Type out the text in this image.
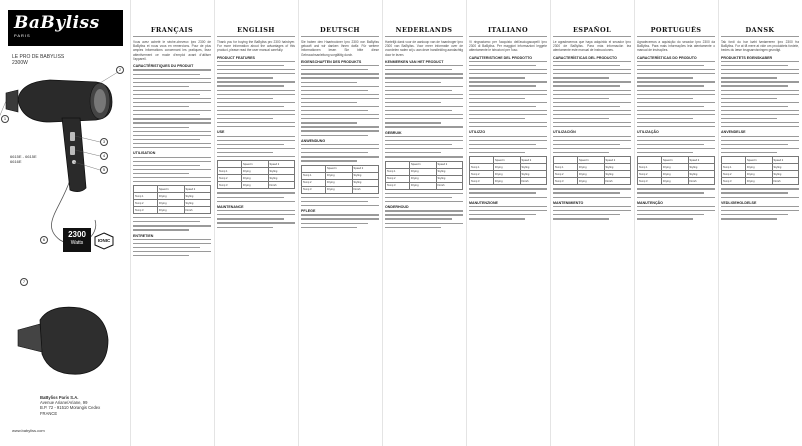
BaByliss
PARIS
LE PRO DE BABYLISS
2300W
1
2
3
4
5
6
7
6615E - 6615E
6616E
2300
Watts	IONIC
BaByliss Paris S.A.
Avenue Ariane/Ariane, 99
B.P. 72 - 91510 Morangis Cedex
FRANCE
www.babyliss.com
FRANÇAIS

Vous avez acheté le sèche-cheveux Ipro 2300 de BaByliss et nous vous en remercions. Pour de plus amples informations concernant les pratiques, lisez attentivement ce mode d'emploi avant d'utiliser l'appareil.

CARACTÉRISTIQUES DU PRODUIT
UTILISATION
	Speed 1	Speed 2
Temp 1	Drying	Styling
Temp 2	Drying	Styling
Temp 3	Drying	Finish
ENTRETIEN
ENGLISH

Thank you for buying the BaByliss pro 2300 hairdryer. For more information about the advantages of this product, please read the user manual carefully.

PRODUCT FEATURES
USE
	Speed 1	Speed 2
Temp 1	Drying	Styling
Temp 2	Drying	Styling
Temp 3	Drying	Finish
MAINTENANCE
DEUTSCH

Sie haben den Haartrockner Ipro 2300 von BaByliss gekauft und wir danken Ihnen dafür. Für weitere Informationen lesen Sie bitte diese Gebrauchsanleitung sorgfältig durch.

EIGENSCHAFTEN DES PRODUKTS
ANWENDUNG
	Speed 1	Speed 2
Temp 1	Drying	Styling
Temp 2	Drying	Styling
Temp 3	Drying	Finish
PFLEGE
NEDERLANDS

Hartelijk dank voor de aankoop van de haardroger Ipro 2300 van BaByliss. Voor meer informatie over de voordelen raden wij u aan deze handleiding aandachtig door te lezen.

KENMERKEN VAN HET PRODUCT
GEBRUIK
	Speed 1	Speed 2
Temp 1	Drying	Styling
Temp 2	Drying	Styling
Temp 3	Drying	Finish
ONDERHOUD
ITALIANO

Vi ringraziamo per l'acquisto dell'asciugacapelli Ipro 2300 di BaByliss. Per maggiori informazioni leggete attentamente le istruzioni per l'uso.

CARATTERISTICHE DEL PRODOTTO
UTILIZZO
	Speed 1	Speed 2
Temp 1	Drying	Styling
Temp 2	Drying	Styling
Temp 3	Drying	Finish
MANUTENZIONE
ESPAÑOL

Le agradecemos que haya adquirido el secador Ipro 2300 de BaByliss. Para más información lea atentamente este manual de instrucciones.

CARACTERÍSTICAS DEL PRODUCTO
UTILIZACIÓN
	Speed 1	Speed 2
Temp 1	Drying	Styling
Temp 2	Drying	Styling
Temp 3	Drying	Finish
MANTENIMIENTO
PORTUGUÊS

Agradecemos a aquisição do secador Ipro 2300 da BaByliss. Para mais informações leia atentamente o manual de instruções.

CARACTERÍSTICAS DO PRODUTO
UTILIZAÇÃO
	Speed 1	Speed 2
Temp 1	Drying	Styling
Temp 2	Drying	Styling
Temp 3	Drying	Finish
MANUTENÇÃO
DANSK

Tak fordi du har købt føntørreren Ipro 2300 fra BaByliss. For at få mere at vide om produktets fordele, bedes du læse brugsanvisningen grundigt.

PRODUKTETS EGENSKABER
ANVENDELSE
	Speed 1	Speed 2
Temp 1	Drying	Styling
Temp 2	Drying	Styling
Temp 3	Drying	Finish
VEDLIGEHOLDELSE
